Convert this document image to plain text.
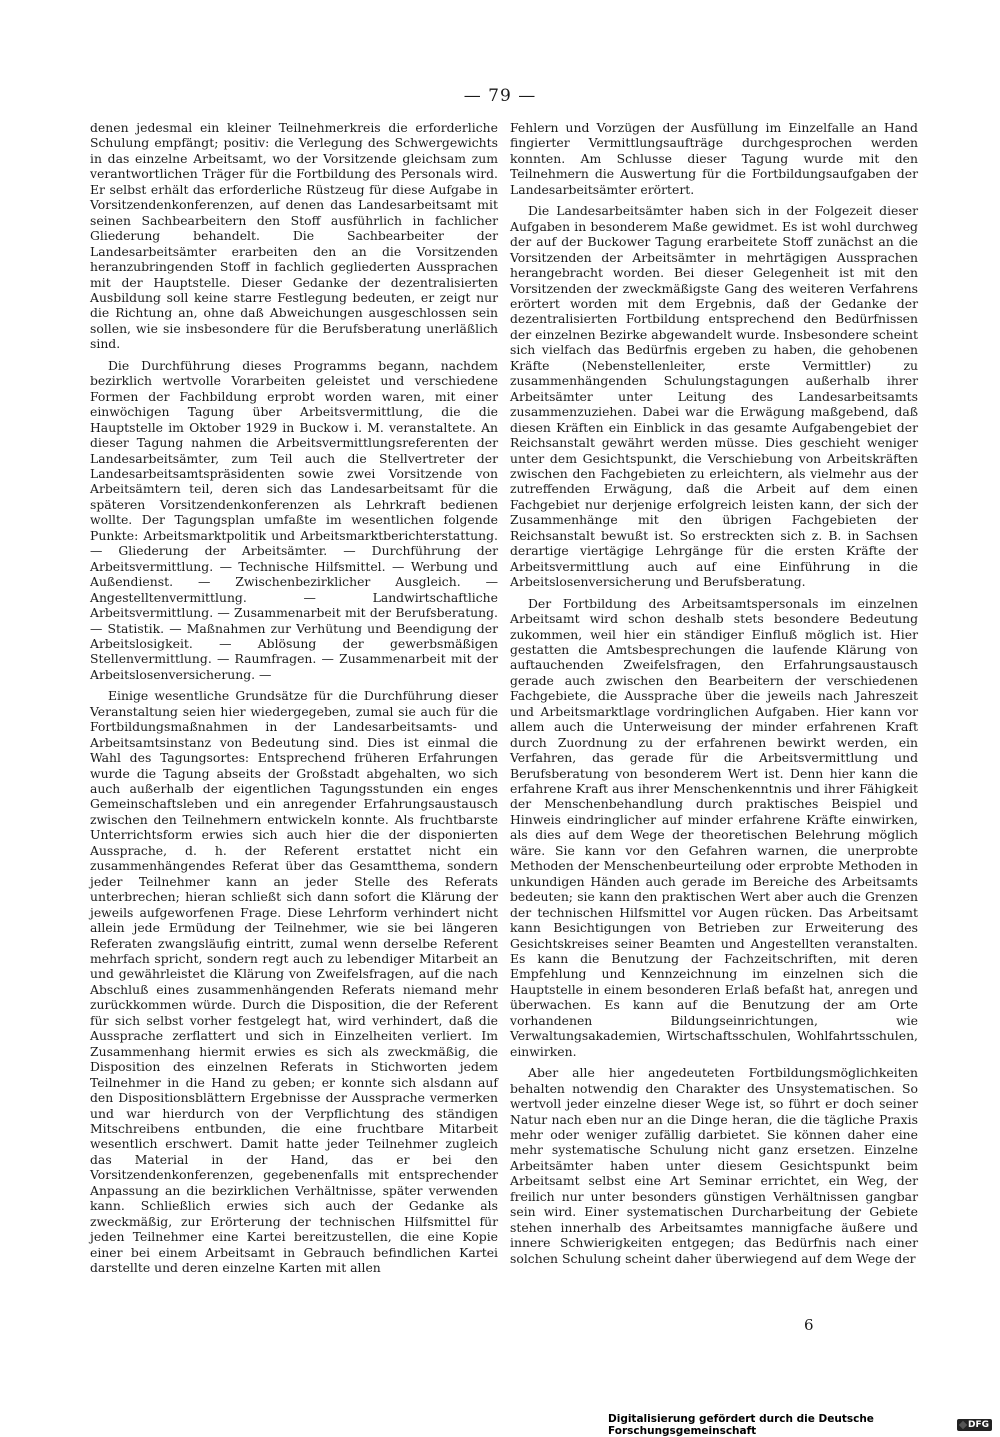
— 79 —

denen jedesmal ein kleiner Teilnehmerkreis die erforderliche Schulung empfängt; positiv: die Verlegung des Schwergewichts in das einzelne Arbeitsamt, wo der Vorsitzende gleichsam zum verantwortlichen Träger für die Fortbildung des Personals wird. Er selbst erhält das erforderliche Rüstzeug für diese Aufgabe in Vorsitzendenkonferenzen, auf denen das Landesarbeitsamt mit seinen Sachbearbeitern den Stoff ausführlich in fachlicher Gliederung behandelt. Die Sachbearbeiter der Landesarbeitsämter erarbeiten den an die Vorsitzenden heranzubringenden Stoff in fachlich gegliederten Aussprachen mit der Hauptstelle. Dieser Gedanke der dezentralisierten Ausbildung soll keine starre Festlegung bedeuten, er zeigt nur die Richtung an, ohne daß Abweichungen ausgeschlossen sein sollen, wie sie insbesondere für die Berufsberatung unerläßlich sind.

Die Durchführung dieses Programms begann, nachdem bezirklich wertvolle Vorarbeiten geleistet und verschiedene Formen der Fachbildung erprobt worden waren, mit einer einwöchigen Tagung über Arbeitsvermittlung, die die Hauptstelle im Oktober 1929 in Buckow i. M. veranstaltete. An dieser Tagung nahmen die Arbeitsvermittlungsreferenten der Landesarbeitsämter, zum Teil auch die Stellvertreter der Landesarbeitsamtspräsidenten sowie zwei Vorsitzende von Arbeitsämtern teil, deren sich das Landesarbeitsamt für die späteren Vorsitzendenkonferenzen als Lehrkraft bedienen wollte. Der Tagungsplan umfaßte im wesentlichen folgende Punkte: Arbeitsmarktpolitik und Arbeitsmarktberichterstattung. — Gliederung der Arbeitsämter. — Durchführung der Arbeitsvermittlung. — Technische Hilfsmittel. — Werbung und Außendienst. — Zwischenbezirklicher Ausgleich. — Angestelltenvermittlung. — Landwirtschaftliche Arbeitsvermittlung. — Zusammenarbeit mit der Berufsberatung. — Statistik. — Maßnahmen zur Verhütung und Beendigung der Arbeitslosigkeit. — Ablösung der gewerbsmäßigen Stellenvermittlung. — Raumfragen. — Zusammenarbeit mit der Arbeitslosenversicherung. —

Einige wesentliche Grundsätze für die Durchführung dieser Veranstaltung seien hier wiedergegeben, zumal sie auch für die Fortbildungsmaßnahmen in der Landesarbeitsamts- und Arbeitsamtsinstanz von Bedeutung sind. Dies ist einmal die Wahl des Tagungsortes: Entsprechend früheren Erfahrungen wurde die Tagung abseits der Großstadt abgehalten, wo sich auch außerhalb der eigentlichen Tagungsstunden ein enges Gemeinschaftsleben und ein anregender Erfahrungsaustausch zwischen den Teilnehmern entwickeln konnte. Als fruchtbarste Unterrichtsform erwies sich auch hier die der disponierten Aussprache, d. h. der Referent erstattet nicht ein zusammenhängendes Referat über das Gesamtthema, sondern jeder Teilnehmer kann an jeder Stelle des Referats unterbrechen; hieran schließt sich dann sofort die Klärung der jeweils aufgeworfenen Frage. Diese Lehrform verhindert nicht allein jede Ermüdung der Teilnehmer, wie sie bei längeren Referaten zwangsläufig eintritt, zumal wenn derselbe Referent mehrfach spricht, sondern regt auch zu lebendiger Mitarbeit an und gewährleistet die Klärung von Zweifelsfragen, auf die nach Abschluß eines zusammenhängenden Referats niemand mehr zurückkommen würde. Durch die Disposition, die der Referent für sich selbst vorher festgelegt hat, wird verhindert, daß die Aussprache zerflattert und sich in Einzelheiten verliert. Im Zusammenhang hiermit erwies es sich als zweckmäßig, die Disposition des einzelnen Referats in Stichworten jedem Teilnehmer in die Hand zu geben; er konnte sich alsdann auf den Dispositionsblättern Ergebnisse der Aussprache vermerken und war hierdurch von der Verpflichtung des ständigen Mitschreibens entbunden, die eine fruchtbare Mitarbeit wesentlich erschwert. Damit hatte jeder Teilnehmer zugleich das Material in der Hand, das er bei den Vorsitzendenkonferenzen, gegebenenfalls mit entsprechender Anpassung an die bezirklichen Verhältnisse, später verwenden kann. Schließlich erwies sich auch der Gedanke als zweckmäßig, zur Erörterung der technischen Hilfsmittel für jeden Teilnehmer eine Kartei bereitzustellen, die eine Kopie einer bei einem Arbeitsamt in Gebrauch befindlichen Kartei darstellte und deren einzelne Karten mit allen

Fehlern und Vorzügen der Ausfüllung im Einzelfalle an Hand fingierter Vermittlungsaufträge durchgesprochen werden konnten. Am Schlusse dieser Tagung wurde mit den Teilnehmern die Auswertung für die Fortbildungsaufgaben der Landesarbeitsämter erörtert.

Die Landesarbeitsämter haben sich in der Folgezeit dieser Aufgaben in besonderem Maße gewidmet. Es ist wohl durchweg der auf der Buckower Tagung erarbeitete Stoff zunächst an die Vorsitzenden der Arbeitsämter in mehrtägigen Aussprachen herangebracht worden. Bei dieser Gelegenheit ist mit den Vorsitzenden der zweckmäßigste Gang des weiteren Verfahrens erörtert worden mit dem Ergebnis, daß der Gedanke der dezentralisierten Fortbildung entsprechend den Bedürfnissen der einzelnen Bezirke abgewandelt wurde. Insbesondere scheint sich vielfach das Bedürfnis ergeben zu haben, die gehobenen Kräfte (Nebenstellenleiter, erste Vermittler) zu zusammenhängenden Schulungstagungen außerhalb ihrer Arbeitsämter unter Leitung des Landesarbeitsamts zusammenzuziehen. Dabei war die Erwägung maßgebend, daß diesen Kräften ein Einblick in das gesamte Aufgabengebiet der Reichsanstalt gewährt werden müsse. Dies geschieht weniger unter dem Gesichtspunkt, die Verschiebung von Arbeitskräften zwischen den Fachgebieten zu erleichtern, als vielmehr aus der zutreffenden Erwägung, daß die Arbeit auf dem einen Fachgebiet nur derjenige erfolgreich leisten kann, der sich der Zusammenhänge mit den übrigen Fachgebieten der Reichsanstalt bewußt ist. So erstreckten sich z. B. in Sachsen derartige viertägige Lehrgänge für die ersten Kräfte der Arbeitsvermittlung auch auf eine Einführung in die Arbeitslosenversicherung und Berufsberatung.

Der Fortbildung des Arbeitsamtspersonals im einzelnen Arbeitsamt wird schon deshalb stets besondere Bedeutung zukommen, weil hier ein ständiger Einfluß möglich ist. Hier gestatten die Amtsbesprechungen die laufende Klärung von auftauchenden Zweifelsfragen, den Erfahrungsaustausch gerade auch zwischen den Bearbeitern der verschiedenen Fachgebiete, die Aussprache über die jeweils nach Jahreszeit und Arbeitsmarktlage vordringlichen Aufgaben. Hier kann vor allem auch die Unterweisung der minder erfahrenen Kraft durch Zuordnung zu der erfahrenen bewirkt werden, ein Verfahren, das gerade für die Arbeitsvermittlung und Berufsberatung von besonderem Wert ist. Denn hier kann die erfahrene Kraft aus ihrer Menschenkenntnis und ihrer Fähigkeit der Menschenbehandlung durch praktisches Beispiel und Hinweis eindringlicher auf minder erfahrene Kräfte einwirken, als dies auf dem Wege der theoretischen Belehrung möglich wäre. Sie kann vor den Gefahren warnen, die unerprobte Methoden der Menschenbeurteilung oder erprobte Methoden in unkundigen Händen auch gerade im Bereiche des Arbeitsamts bedeuten; sie kann den praktischen Wert aber auch die Grenzen der technischen Hilfsmittel vor Augen rücken. Das Arbeitsamt kann Besichtigungen von Betrieben zur Erweiterung des Gesichtskreises seiner Beamten und Angestellten veranstalten. Es kann die Benutzung der Fachzeitschriften, mit deren Empfehlung und Kennzeichnung im einzelnen sich die Hauptstelle in einem besonderen Erlaß befaßt hat, anregen und überwachen. Es kann auf die Benutzung der am Orte vorhandenen Bildungseinrichtungen, wie Verwaltungsakademien, Wirtschaftsschulen, Wohlfahrtsschulen, einwirken.

Aber alle hier angedeuteten Fortbildungsmöglichkeiten behalten notwendig den Charakter des Unsystematischen. So wertvoll jeder einzelne dieser Wege ist, so führt er doch seiner Natur nach eben nur an die Dinge heran, die die tägliche Praxis mehr oder weniger zufällig darbietet. Sie können daher eine mehr systematische Schulung nicht ganz ersetzen. Einzelne Arbeitsämter haben unter diesem Gesichtspunkt beim Arbeitsamt selbst eine Art Seminar errichtet, ein Weg, der freilich nur unter besonders günstigen Verhältnissen gangbar sein wird. Einer systematischen Durcharbeitung der Gebiete stehen innerhalb des Arbeitsamtes mannigfache äußere und innere Schwierigkeiten entgegen; das Bedürfnis nach einer solchen Schulung scheint daher überwiegend auf dem Wege der

6
Digitalisierung gefördert durch die Deutsche Forschungsgemeinschaft	DFG
